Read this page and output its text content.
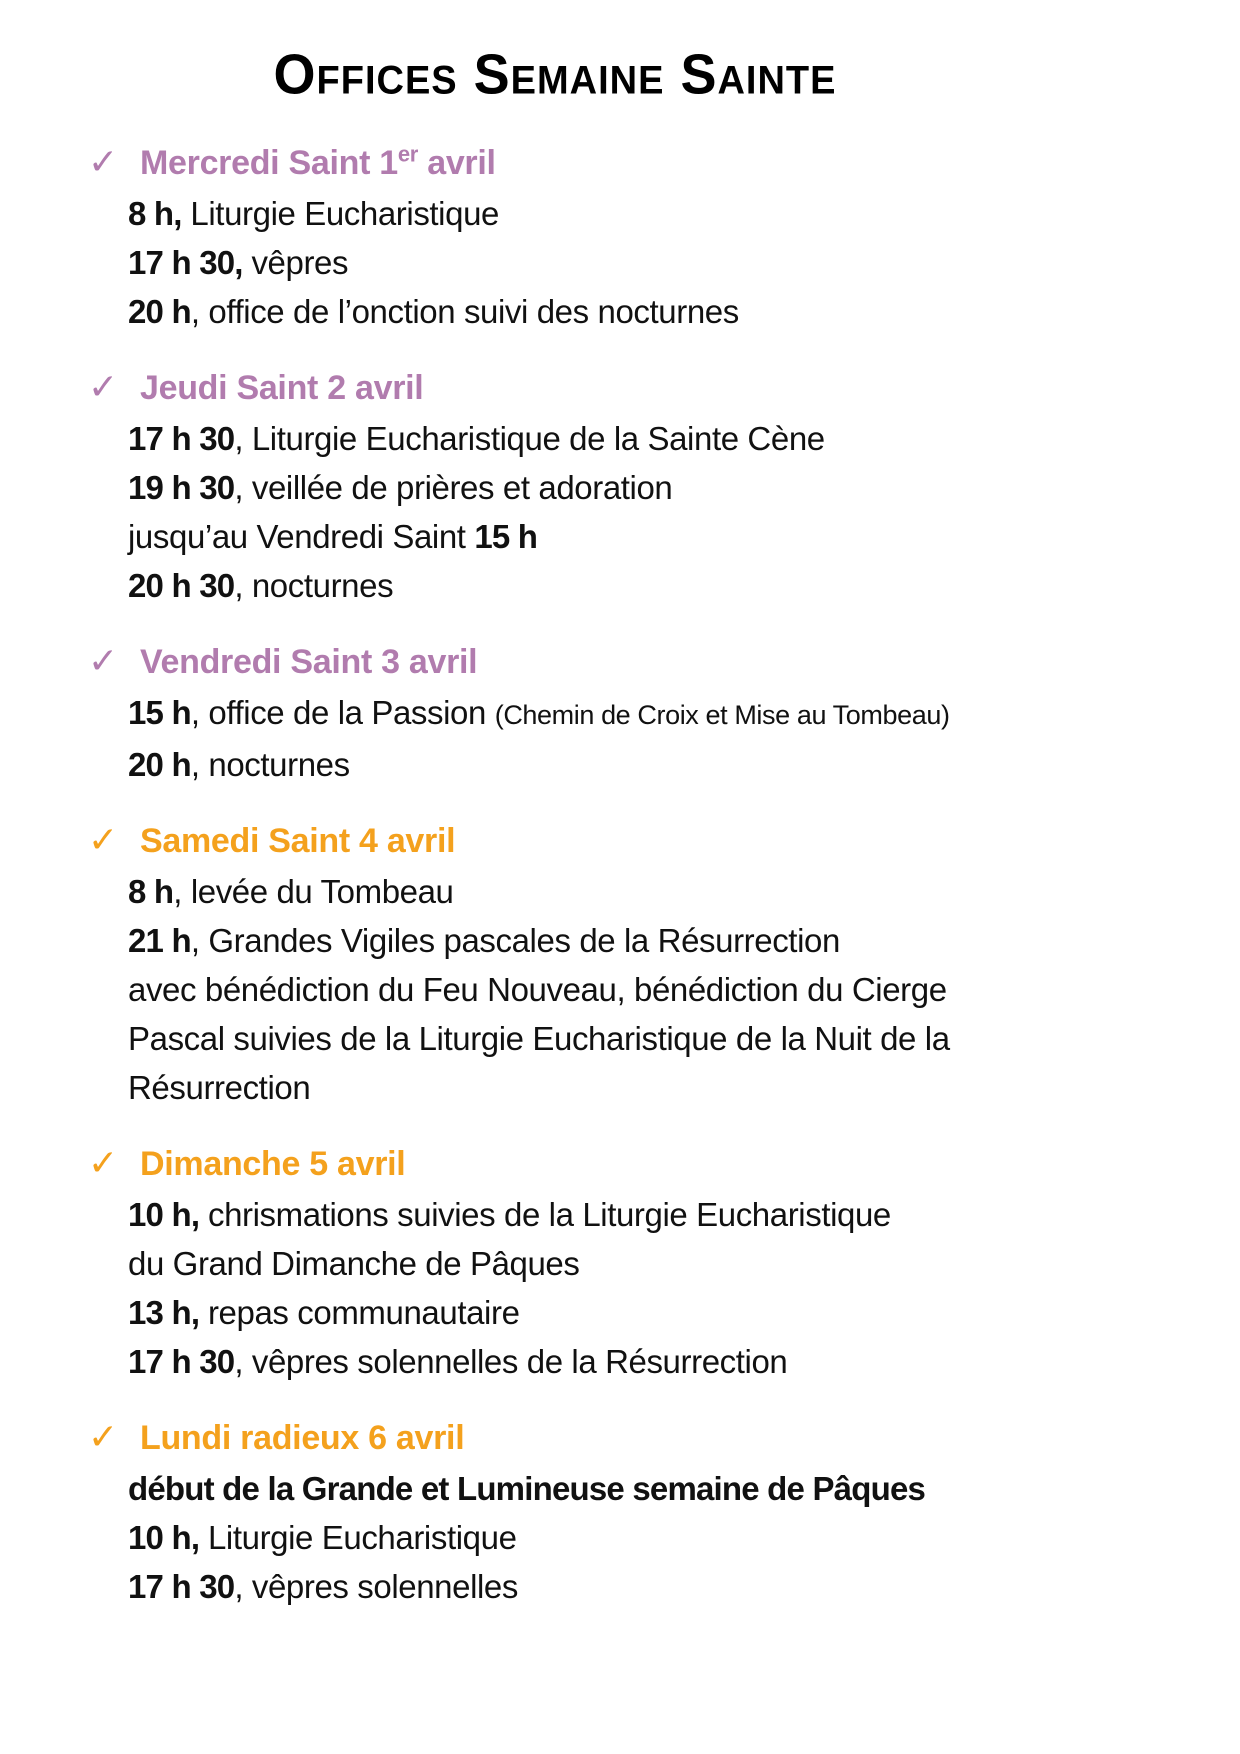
Offices Semaine Sainte
✓ Mercredi Saint 1er avril

8 h, Liturgie Eucharistique

17 h 30, vêpres

20 h, office de l’onction suivi des nocturnes

✓ Jeudi Saint 2 avril

17 h 30, Liturgie Eucharistique de la Sainte Cène

19 h 30, veillée de prières et adoration

jusqu’au Vendredi Saint 15 h

20 h 30, nocturnes

✓ Vendredi Saint 3 avril

15 h, office de la Passion (Chemin de Croix et Mise au Tombeau)

20 h, nocturnes

✓ Samedi Saint 4 avril

8 h, levée du Tombeau

21 h, Grandes Vigiles pascales de la Résurrection

avec bénédiction du Feu Nouveau, bénédiction du Cierge

Pascal suivies de la Liturgie Eucharistique de la Nuit de la

Résurrection

✓ Dimanche 5 avril

10 h, chrismations suivies de la Liturgie Eucharistique

du Grand Dimanche de Pâques

13 h, repas communautaire

17 h 30, vêpres solennelles de la Résurrection

✓ Lundi radieux 6 avril

début de la Grande et Lumineuse semaine de Pâques

10 h, Liturgie Eucharistique

17 h 30, vêpres solennelles
